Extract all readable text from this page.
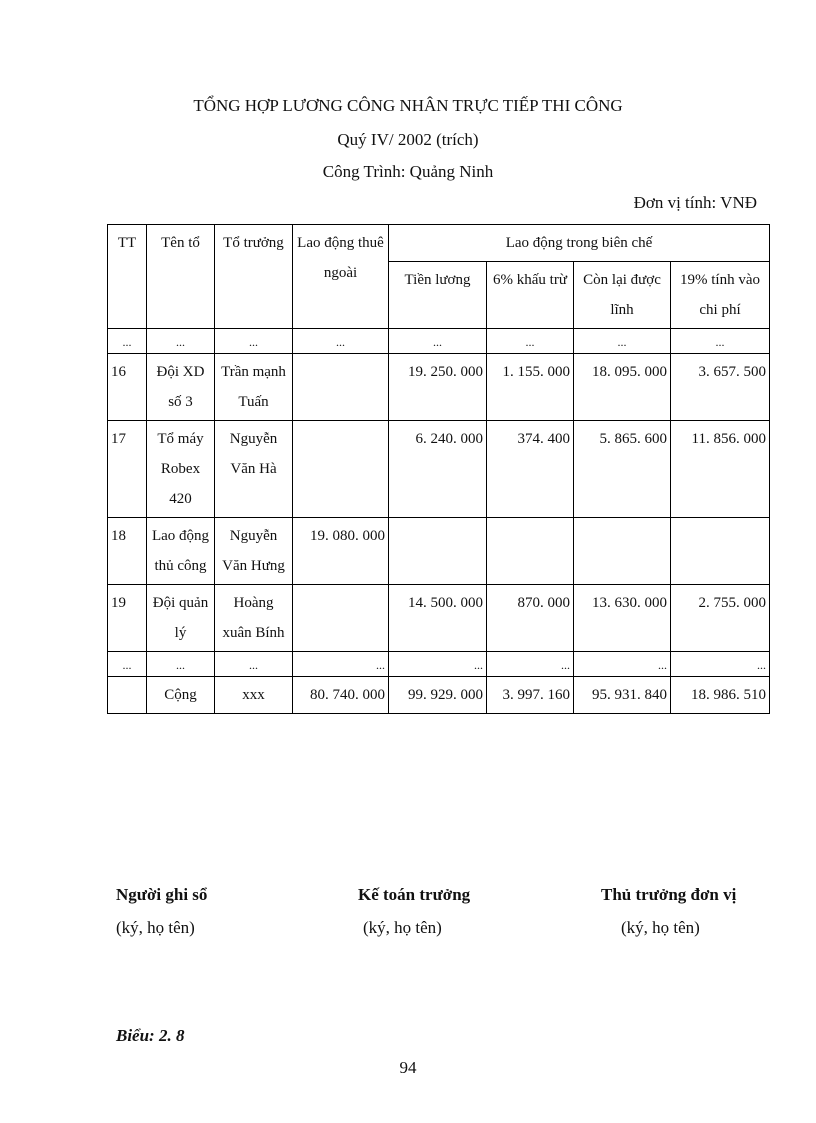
TỔNG HỢP LƯƠNG CÔNG NHÂN TRỰC TIẾP THI CÔNG
Quý IV/ 2002 (trích)
Công Trình: Quảng Ninh
Đơn vị tính: VNĐ
TT	Tên tổ	Tổ trưởng	Lao động thuê ngoài	Lao động trong biên chế			
				Tiền lương	6% khấu trừ	Còn lại được lĩnh	19% tính vào chi phí
...	...	...	...	...	...	...	...
16	Đội XD số 3	Trần mạnh Tuấn		19. 250. 000	1. 155. 000	18. 095. 000	3. 657. 500
17	Tổ máy Robex 420	Nguyễn Văn Hà		6. 240. 000	374. 400	5. 865. 600	11. 856. 000
18	Lao động thủ công	Nguyễn Văn Hưng	19. 080. 000				
19	Đội quản lý	Hoàng xuân Bính		14. 500. 000	870. 000	13. 630. 000	2. 755. 000
...	...	...	...	...	...	...	...
	Cộng	xxx	80. 740. 000	99. 929. 000	3. 997. 160	95. 931. 840	18. 986. 510
Người ghi sổ
(ký, họ tên)
Kế toán trưởng
(ký, họ tên)
Thủ trưởng đơn vị
(ký, họ tên)
Biểu: 2. 8
94
